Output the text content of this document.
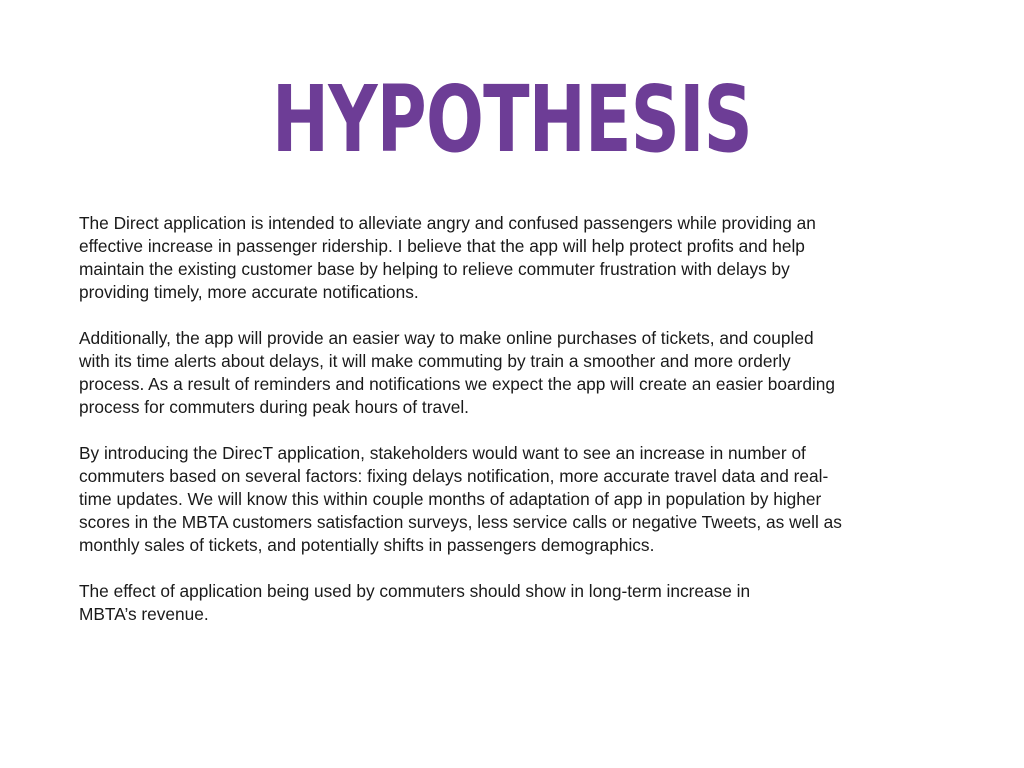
HYPOTHESIS

The Direct application is intended to alleviate angry and confused passengers while providing an
effective increase in passenger ridership. I believe that the app will help protect profits and help
maintain the existing customer base by helping to relieve commuter frustration with delays by
providing timely, more accurate notifications.

Additionally, the app will provide an easier way to make online purchases of tickets, and coupled
with its time alerts about delays, it will make commuting by train a smoother and more orderly
process. As a result of reminders and notifications we expect the app will create an easier boarding
process for commuters during peak hours of travel.

By introducing the DirecT application, stakeholders would want to see an increase in number of
commuters based on several factors: fixing delays notification, more accurate travel data and real-
time updates. We will know this within couple months of adaptation of app in population by higher
scores in the MBTA customers satisfaction surveys, less service calls or negative Tweets, as well as
monthly sales of tickets, and potentially shifts in passengers demographics.

The effect of application being used by commuters should show in long-term increase in
MBTA’s revenue.
